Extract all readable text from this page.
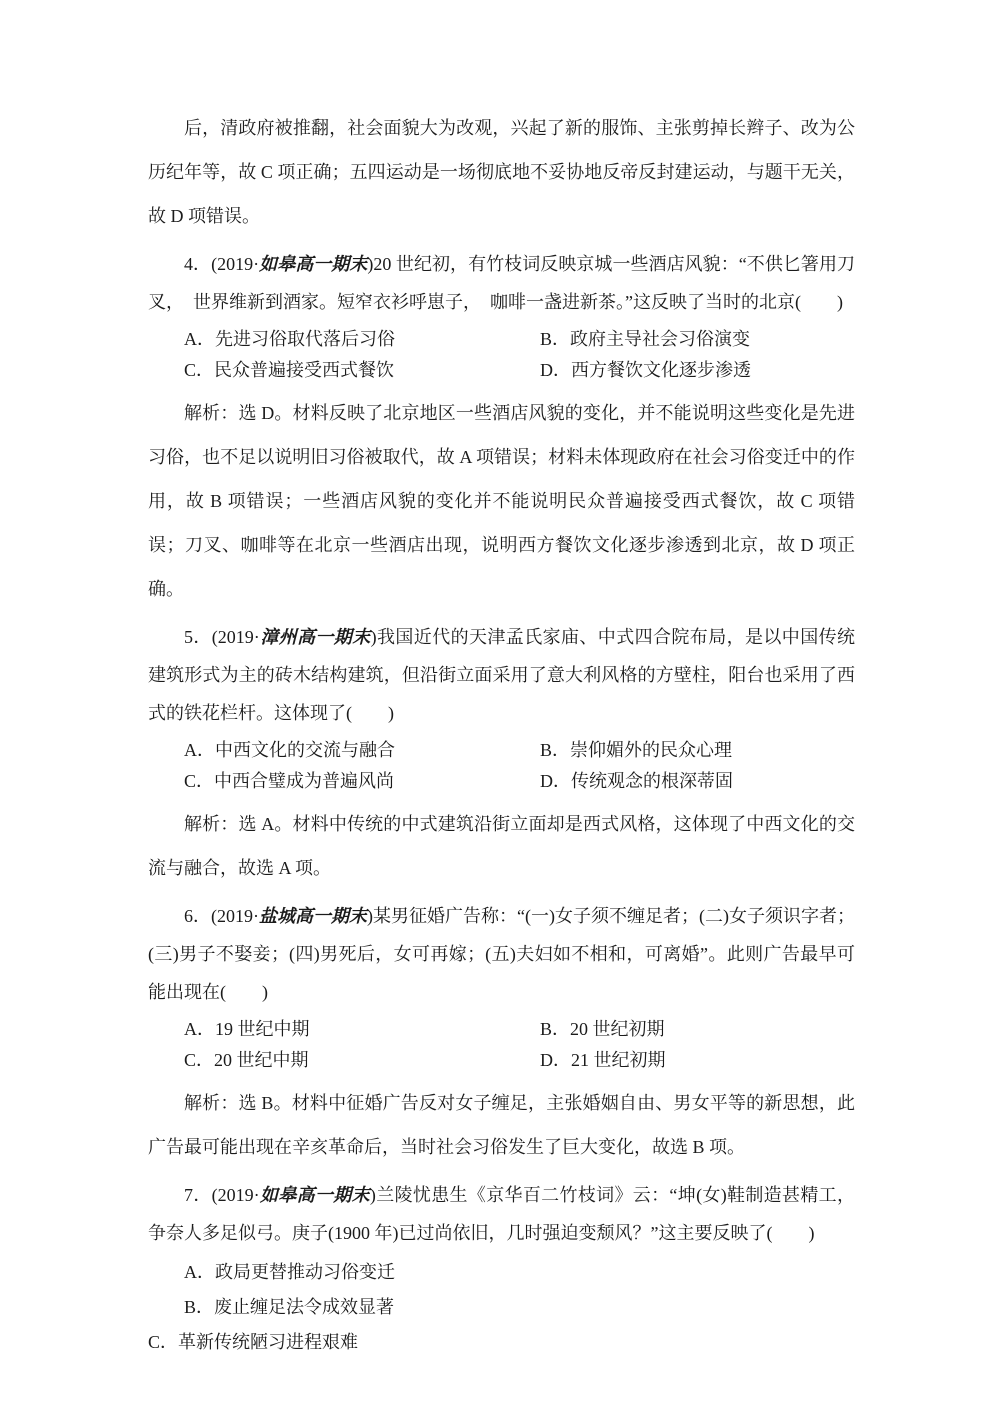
后，清政府被推翻，社会面貌大为改观，兴起了新的服饰、主张剪掉长辫子、改为公历纪年等，故 C 项正确；五四运动是一场彻底地不妥协地反帝反封建运动，与题干无关，故 D 项错误。

4．(2019·如皋高一期末)20 世纪初，有竹枝词反映京城一些酒店风貌：“不供匕箸用刀叉，　世界维新到酒家。短窄衣衫呼崽子，　咖啡一盏进新茶。”这反映了当时的北京(　　)

A．先进习俗取代落后习俗	B．政府主导社会习俗演变
C．民众普遍接受西式餐饮	D．西方餐饮文化逐步渗透

解析：选 D。材料反映了北京地区一些酒店风貌的变化，并不能说明这些变化是先进习俗，也不足以说明旧习俗被取代，故 A 项错误；材料未体现政府在社会习俗变迁中的作用，故 B 项错误；一些酒店风貌的变化并不能说明民众普遍接受西式餐饮，故 C 项错误；刀叉、咖啡等在北京一些酒店出现，说明西方餐饮文化逐步渗透到北京，故 D 项正确。

5．(2019·漳州高一期末)我国近代的天津孟氏家庙、中式四合院布局，是以中国传统建筑形式为主的砖木结构建筑，但沿街立面采用了意大利风格的方壁柱，阳台也采用了西式的铁花栏杆。这体现了(　　)

A．中西文化的交流与融合	B．崇仰媚外的民众心理
C．中西合璧成为普遍风尚	D．传统观念的根深蒂固

解析：选 A。材料中传统的中式建筑沿街立面却是西式风格，这体现了中西文化的交流与融合，故选 A 项。

6．(2019·盐城高一期末)某男征婚广告称：“(一)女子须不缠足者；(二)女子须识字者；(三)男子不娶妾；(四)男死后，女可再嫁；(五)夫妇如不相和，可离婚”。此则广告最早可能出现在(　　)

A．19 世纪中期	B．20 世纪初期
C．20 世纪中期	D．21 世纪初期

解析：选 B。材料中征婚广告反对女子缠足，主张婚姻自由、男女平等的新思想，此广告最可能出现在辛亥革命后，当时社会习俗发生了巨大变化，故选 B 项。

7．(2019·如皋高一期末)兰陵忧患生《京华百二竹枝词》云：“坤(女)鞋制造甚精工，争奈人多足似弓。庚子(1900 年)已过尚依旧，几时强迫变颓风？”这主要反映了(　　)

A．政局更替推动习俗变迁

B．废止缠足法令成效显著

C．革新传统陋习进程艰难
